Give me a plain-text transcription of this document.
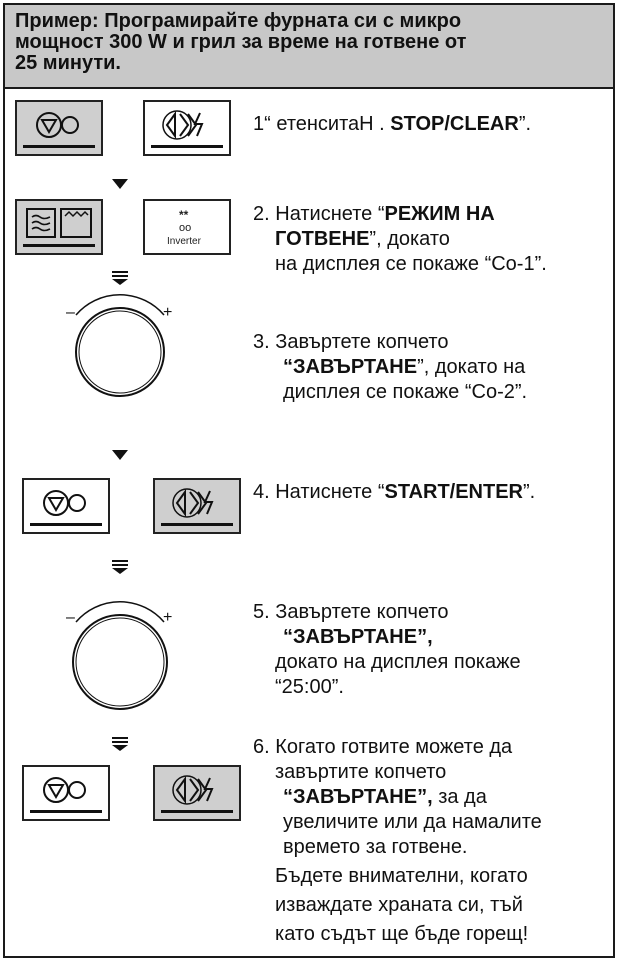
Пример: Програмирайте фурната си с микро
мощност 300 W и грил за време на готвене от
25 минути.
1“ етенситаН . STOP/CLEAR”.
**
oo
Inverter
2. Натиснете “РЕЖИМ НА
ГОТВЕНЕ”, докато
на дисплея се покаже “Co-1”.
–	+
3. Завъртете копчето
“ЗАВЪРТАНЕ”, докато на
дисплея се покаже “Co-2”.
4. Натиснете “START/ENTER”.
–	+	5. Завъртете копчето
“ЗАВЪРТАНЕ”,
докато на дисплея покаже
“25:00”.
6. Когато готвите можете да
завъртите копчето
“ЗАВЪРТАНЕ”, за да
увеличите или да намалите
времето за готвене.
Бъдете внимателни, когато
изваждате храната си, тъй
като съдът ще бъде горещ!
